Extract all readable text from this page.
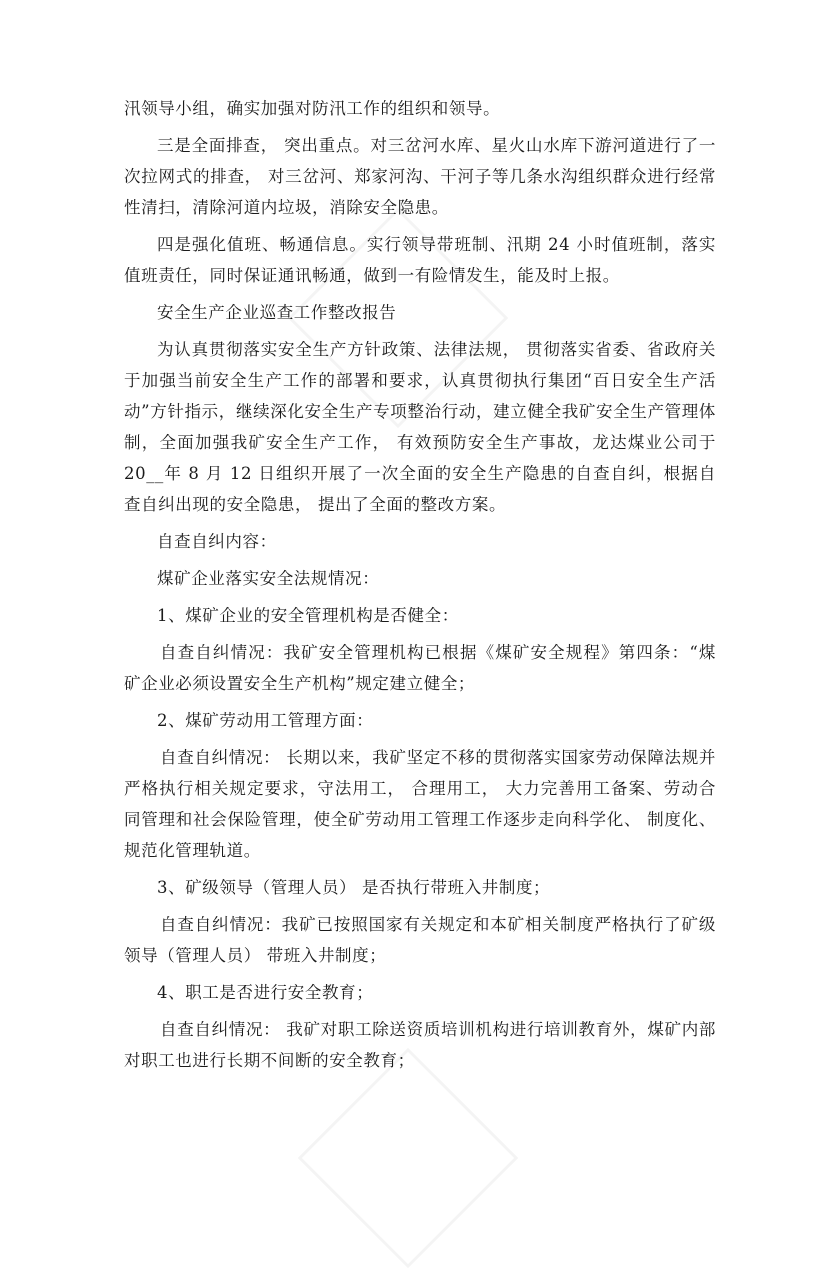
汛领导小组，确实加强对防汛工作的组织和领导。

三是全面排查， 突出重点。对三岔河水库、星火山水库下游河道进行了一次拉网式的排查， 对三岔河、郑家河沟、干河子等几条水沟组织群众进行经常性清扫，清除河道内垃圾，消除安全隐患。

四是强化值班、畅通信息。实行领导带班制、汛期 24 小时值班制，落实值班责任，同时保证通讯畅通，做到一有险情发生，能及时上报。

安全生产企业巡查工作整改报告

为认真贯彻落实安全生产方针政策、法律法规， 贯彻落实省委、省政府关于加强当前安全生产工作的部署和要求，认真贯彻执行集团“百日安全生产活动”方针指示，继续深化安全生产专项整治行动，建立健全我矿安全生产管理体制，全面加强我矿安全生产工作， 有效预防安全生产事故，龙达煤业公司于 20__年 8 月 12 日组织开展了一次全面的安全生产隐患的自查自纠，根据自查自纠出现的安全隐患， 提出了全面的整改方案。

自查自纠内容：

煤矿企业落实安全法规情况：

1、煤矿企业的安全管理机构是否健全：

自查自纠情况：我矿安全管理机构已根据《煤矿安全规程》第四条：“煤矿企业必须设置安全生产机构”规定建立健全；

2、煤矿劳动用工管理方面：

自查自纠情况： 长期以来，我矿坚定不移的贯彻落实国家劳动保障法规并严格执行相关规定要求，守法用工， 合理用工， 大力完善用工备案、劳动合同管理和社会保险管理，使全矿劳动用工管理工作逐步走向科学化、 制度化、 规范化管理轨道。

3、矿级领导（管理人员） 是否执行带班入井制度；

自查自纠情况：我矿已按照国家有关规定和本矿相关制度严格执行了矿级领导（管理人员） 带班入井制度；

4、职工是否进行安全教育；

自查自纠情况： 我矿对职工除送资质培训机构进行培训教育外，煤矿内部对职工也进行长期不间断的安全教育；
